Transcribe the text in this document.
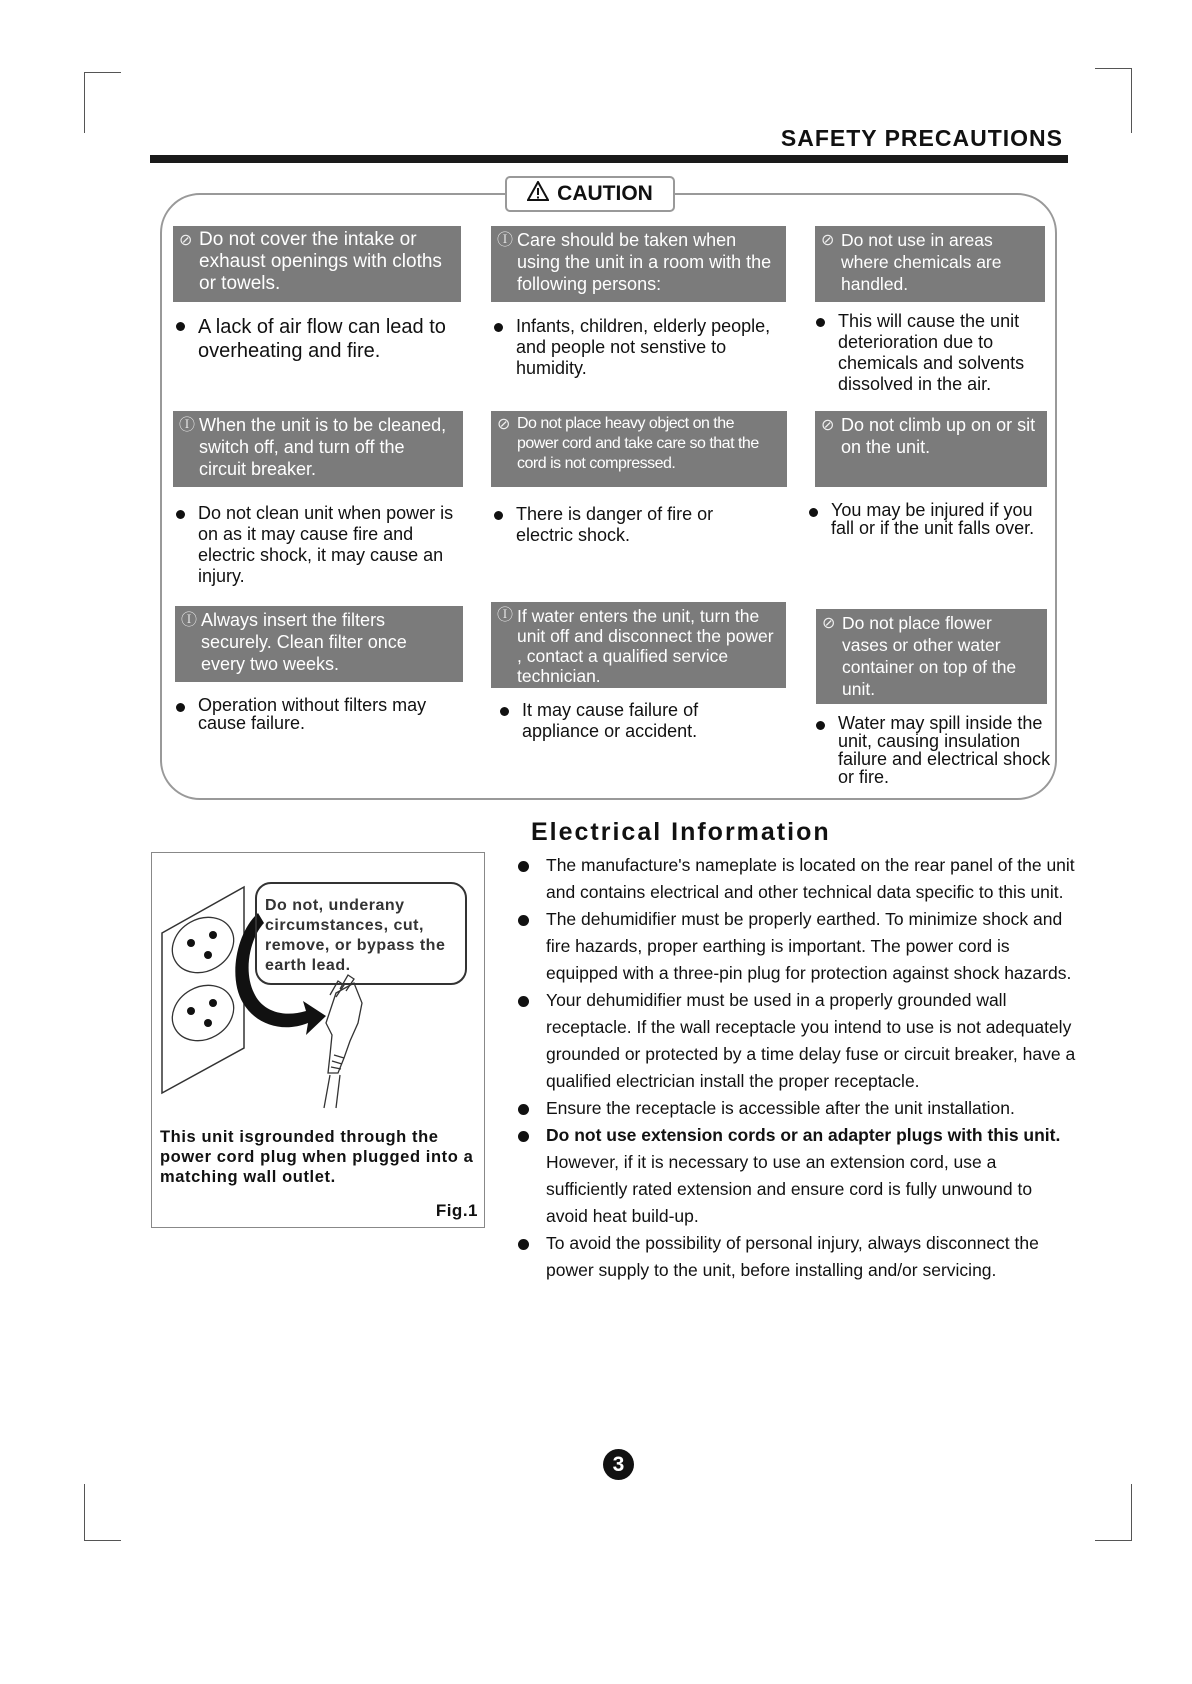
SAFETY PRECAUTIONS
CAUTION
⊘ Do not cover the intake or exhaust openings with cloths or towels.
A lack of air flow can lead to overheating and fire.
Ⓘ Care should be taken when using the unit in a room with the following persons:
Infants, children, elderly people, and people not senstive to humidity.
⊘ Do not use in areas where chemicals are handled.
This will cause the unit deterioration due to chemicals and solvents dissolved in the air.
Ⓘ When the unit is to be cleaned, switch off, and turn off the circuit breaker.
Do not clean unit when power is on as it may cause fire and electric shock, it may cause an injury.
⊘ Do not place heavy object on the power cord and take care so that the cord is not compressed.
There is danger of fire or electric shock.
⊘ Do not climb up on or sit on the unit.
You may be injured if you fall or if the unit falls over.
Ⓘ Always insert the filters securely. Clean filter once every two weeks.
Operation without filters may cause failure.
Ⓘ If water enters the unit, turn the unit off and disconnect the power , contact a qualified service technician.
It may cause failure of appliance or accident.
⊘ Do not place flower vases or other water container on top of the unit.
Water may spill inside the unit, causing insulation failure and electrical shock or fire.
Do not, underany circumstances, cut, remove, or bypass the earth lead.
This unit isgrounded through the power cord plug when plugged into a matching wall outlet.
Fig.1
Electrical Information
The manufacture's nameplate is located on the rear panel of the unit and contains electrical and other technical data specific to this unit.
The dehumidifier must be properly earthed. To minimize shock and fire hazards, proper earthing is important. The power cord is equipped with a three-pin plug for protection against shock hazards.
Your dehumidifier must be used in a properly grounded wall receptacle. If the wall receptacle you intend to use is not adequately grounded or protected by a time delay fuse or circuit breaker, have a qualified electrician install the proper receptacle.
Ensure the receptacle is accessible after the unit installation.
Do not use extension cords or an adapter plugs with this unit. However, if it is necessary to use an extension cord, use a sufficiently rated extension and ensure cord is fully unwound to avoid heat build-up.
To avoid the possibility of personal injury, always disconnect the power supply to the unit, before installing and/or servicing.
3
